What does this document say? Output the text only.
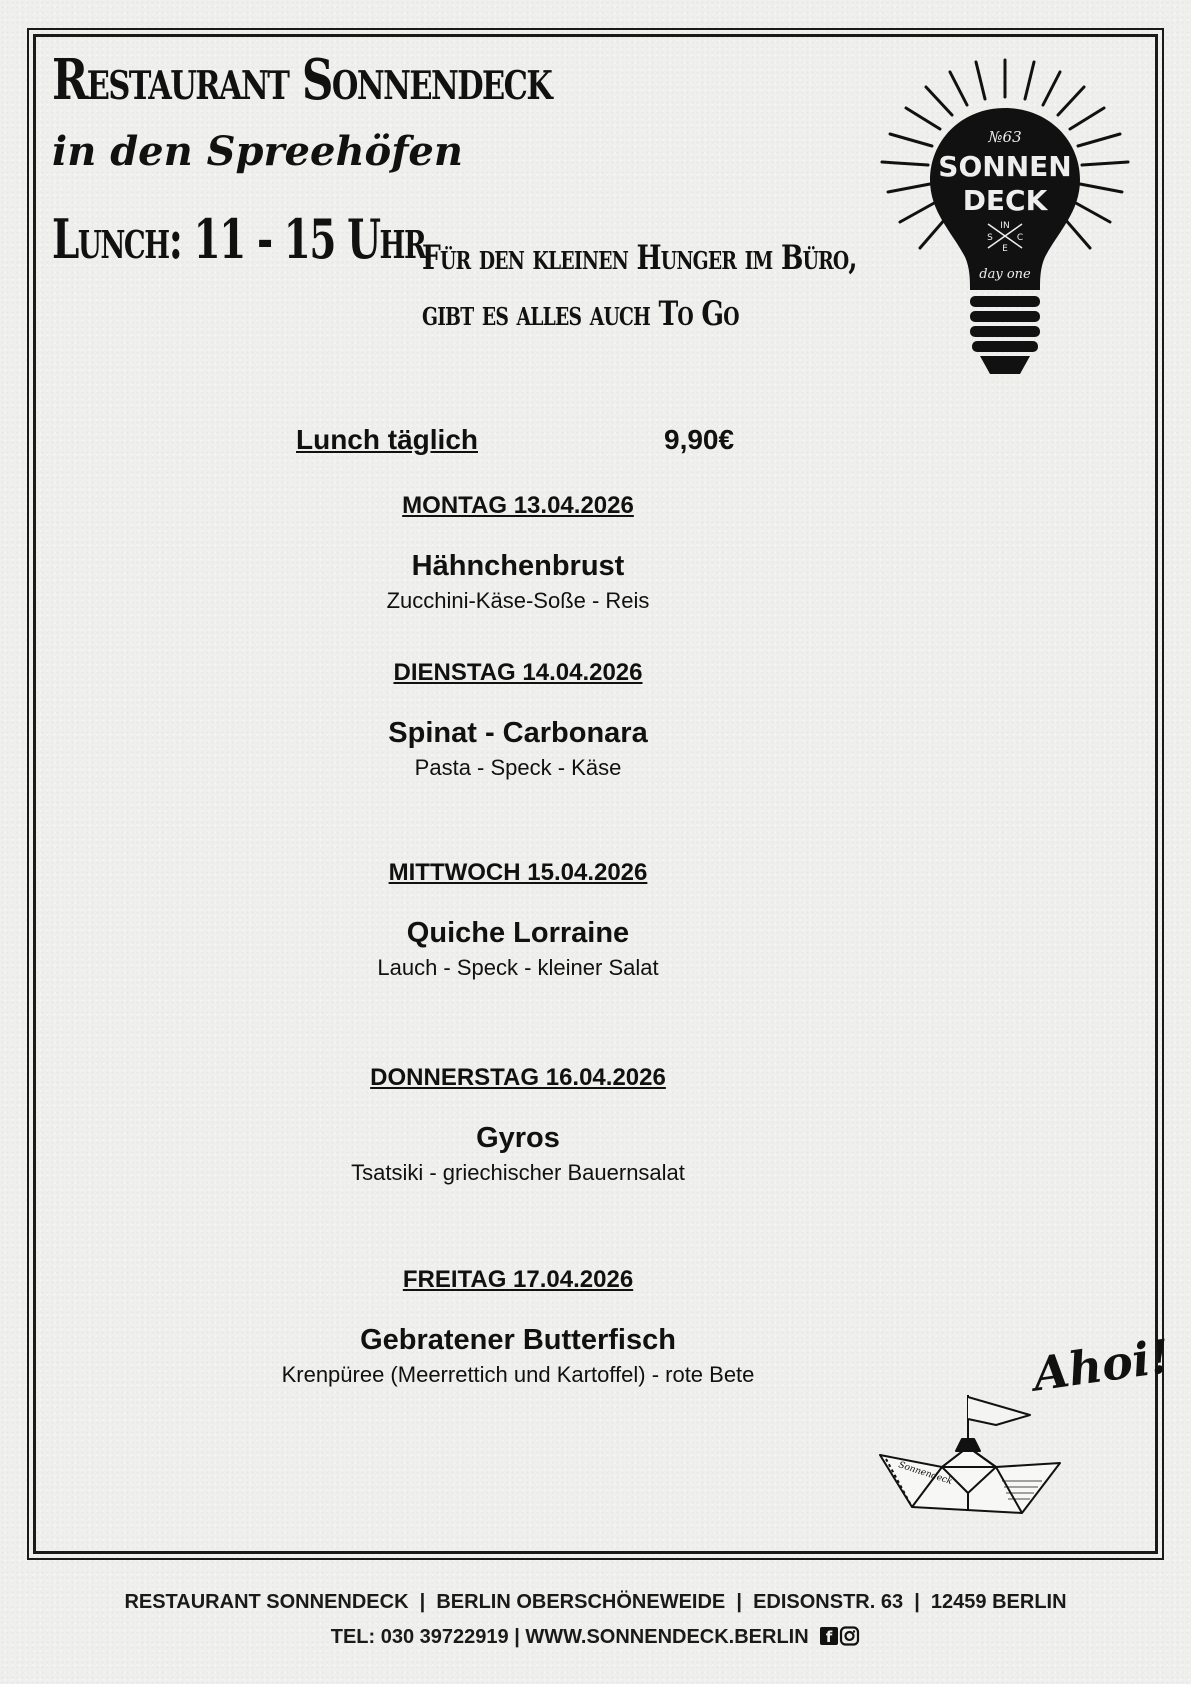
Restaurant Sonnendeck
in den Spreehöfen
Lunch: 11 - 15 Uhr
Für den kleinen Hunger im Büro,
gibt es alles auch To Go
№63
SONNEN
DECK
IN
S	C
E
day one
Lunch täglich	9,90€
MONTAG 13.04.2026
Hähnchenbrust
Zucchini-Käse-Soße - Reis
DIENSTAG 14.04.2026
Spinat - Carbonara
Pasta - Speck - Käse
MITTWOCH 15.04.2026
Quiche Lorraine
Lauch - Speck - kleiner Salat
DONNERSTAG 16.04.2026
Gyros
Tsatsiki - griechischer Bauernsalat
FREITAG 17.04.2026
Gebratener Butterfisch
Krenpüree (Meerrettich und Kartoffel) - rote Bete	Ahoi!
Sonnendeck
RESTAURANT SONNENDECK  |  BERLIN OBERSCHÖNEWEIDE  |  EDISONSTR. 63  |  12459 BERLIN
TEL: 030 39722919 | WWW.SONNENDECK.BERLIN f
